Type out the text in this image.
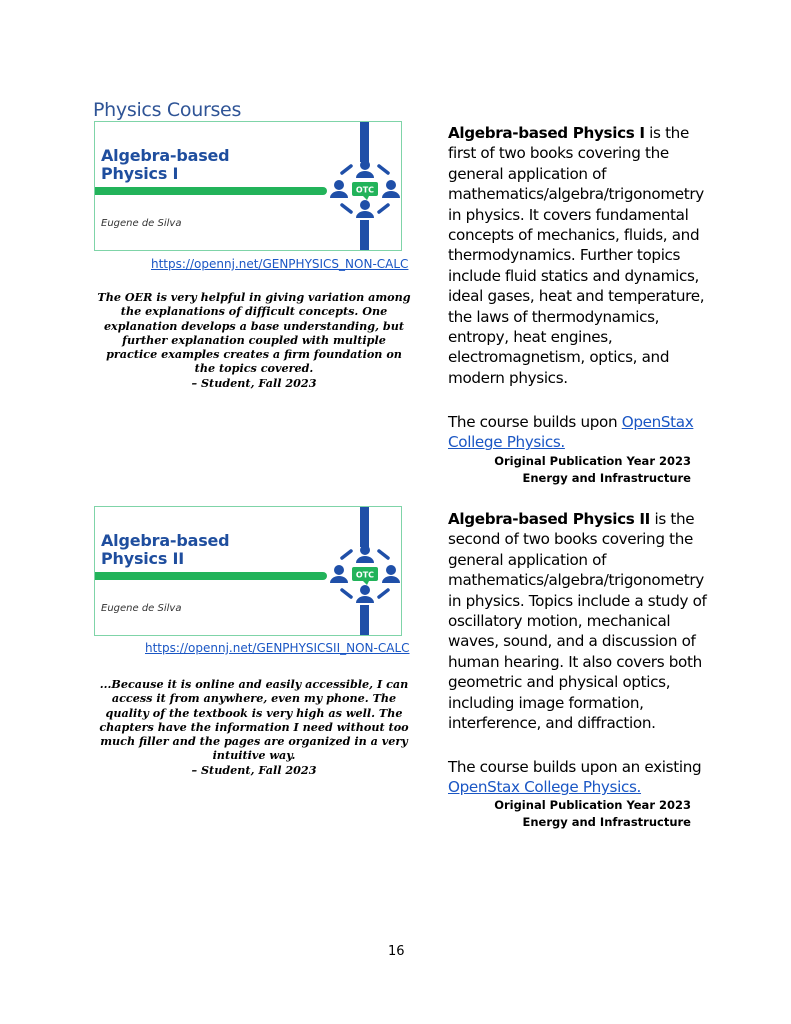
Physics Courses
Algebra-based
Physics I
Eugene de Silva
OTC
https://opennj.net/GENPHYSICS_NON-CALC
The OER is very helpful in giving variation among the explanations of difficult concepts. One explanation develops a base understanding, but further explanation coupled with multiple practice examples creates a firm foundation on the topics covered.
– Student, Fall 2023
Algebra-based Physics I is the first of two books covering the general application of mathematics/algebra/trigonometry in physics. It covers fundamental concepts of mechanics, fluids, and thermodynamics. Further topics include fluid statics and dynamics, ideal gases, heat and temperature, the laws of thermodynamics, entropy, heat engines, electromagnetism, optics, and modern physics.
The course builds upon OpenStax College Physics.
Original Publication Year 2023
Energy and Infrastructure
Algebra-based
Physics II
Eugene de Silva
OTC
https://opennj.net/GENPHYSICSII_NON-CALC
...Because it is online and easily accessible, I can access it from anywhere, even my phone. The quality of the textbook is very high as well. The chapters have the information I need without too much filler and the pages are organized in a very intuitive way.
– Student, Fall 2023
Algebra-based Physics II is the second of two books covering the general application of mathematics/algebra/trigonometry in physics. Topics include a study of oscillatory motion, mechanical waves, sound, and a discussion of human hearing. It also covers both geometric and physical optics, including image formation, interference, and diffraction.
The course builds upon an existing OpenStax College Physics.
Original Publication Year 2023
Energy and Infrastructure
16
